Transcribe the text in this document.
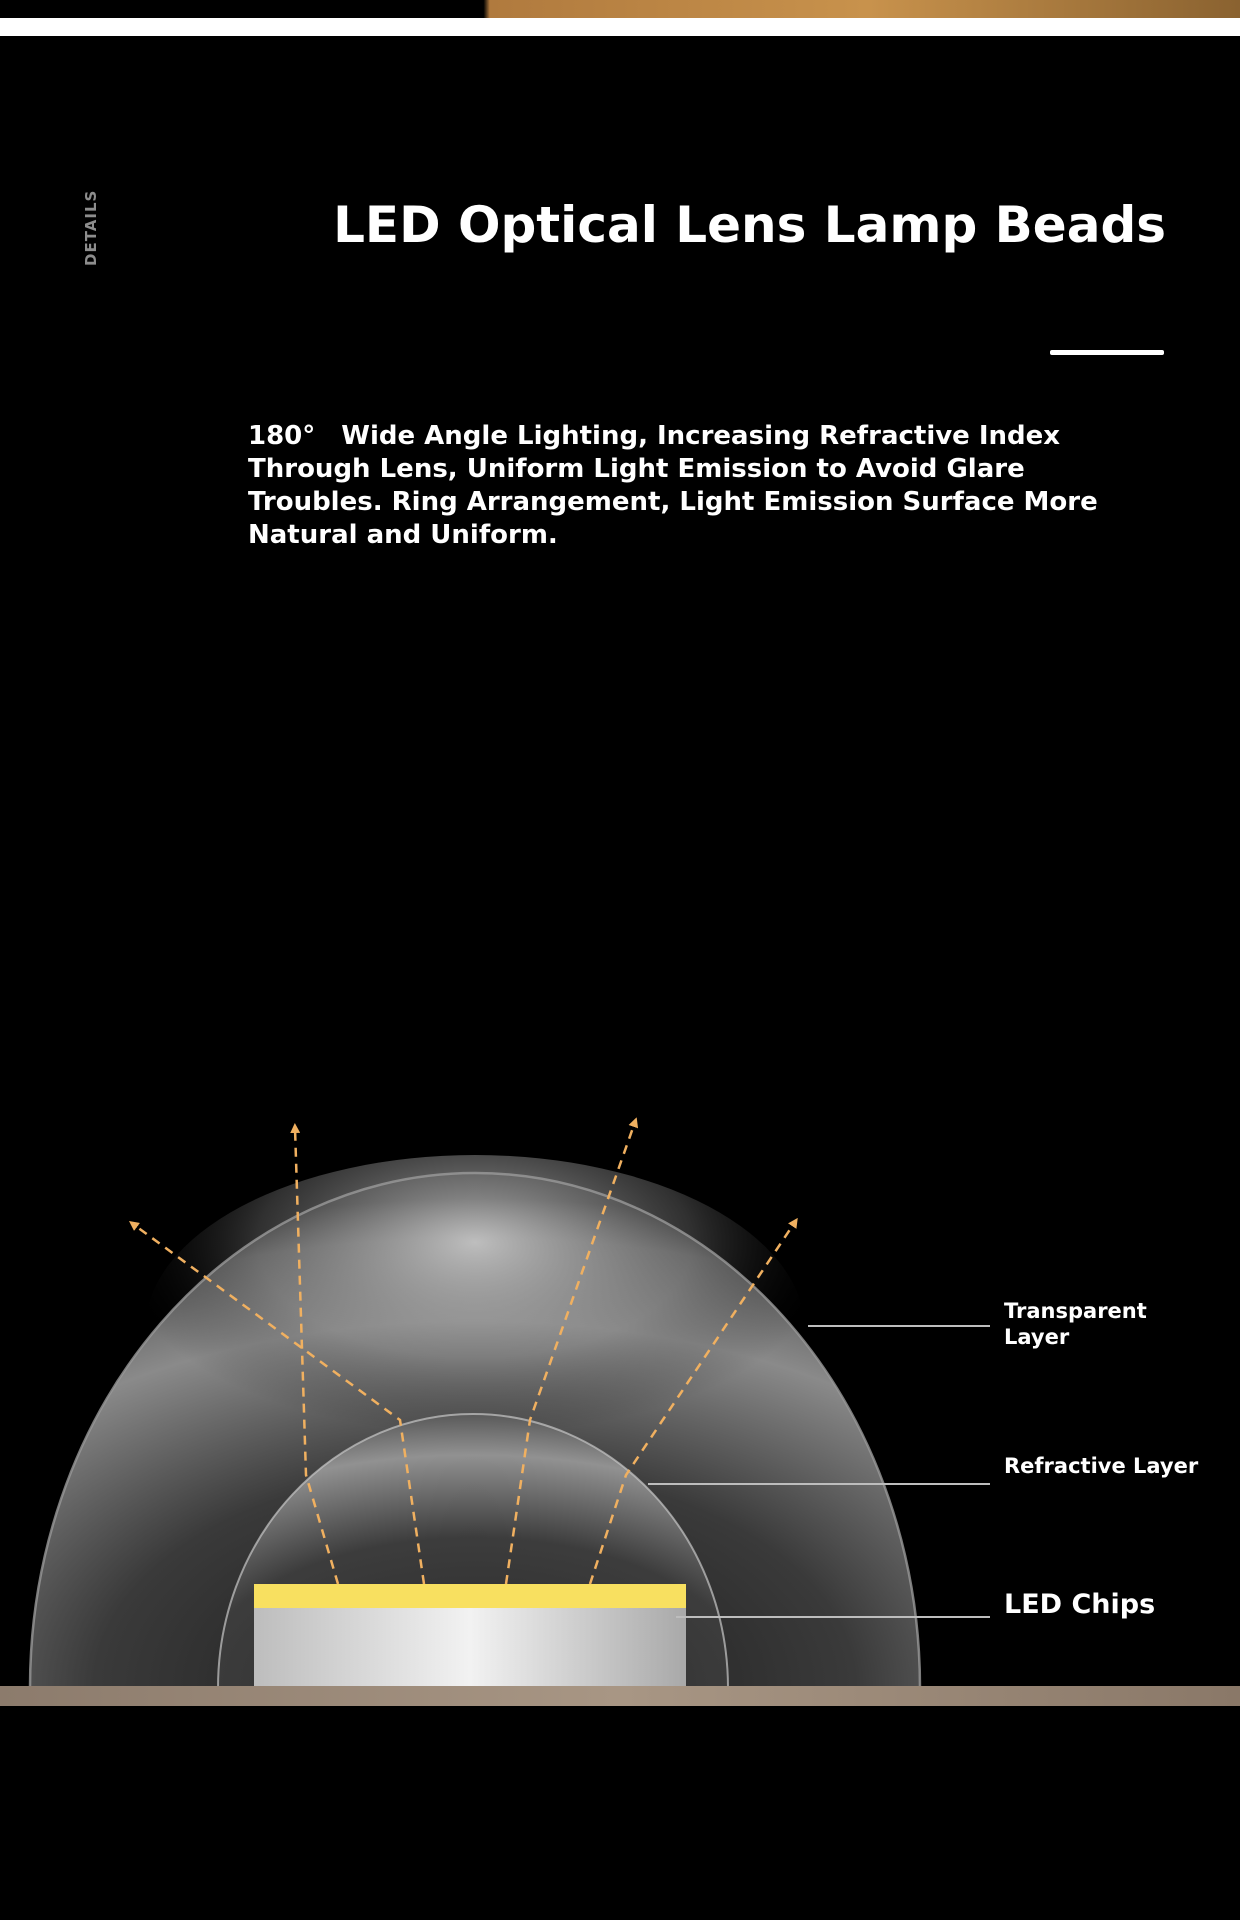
DETAILS	LED Optical Lens Lamp Beads
180°　Wide Angle Lighting, Increasing Refractive Index Through Lens, Uniform Light Emission to Avoid Glare Troubles. Ring Arrangement, Light Emission Surface More Natural and Uniform.
Transparent Layer
Refractive Layer
LED Chips
